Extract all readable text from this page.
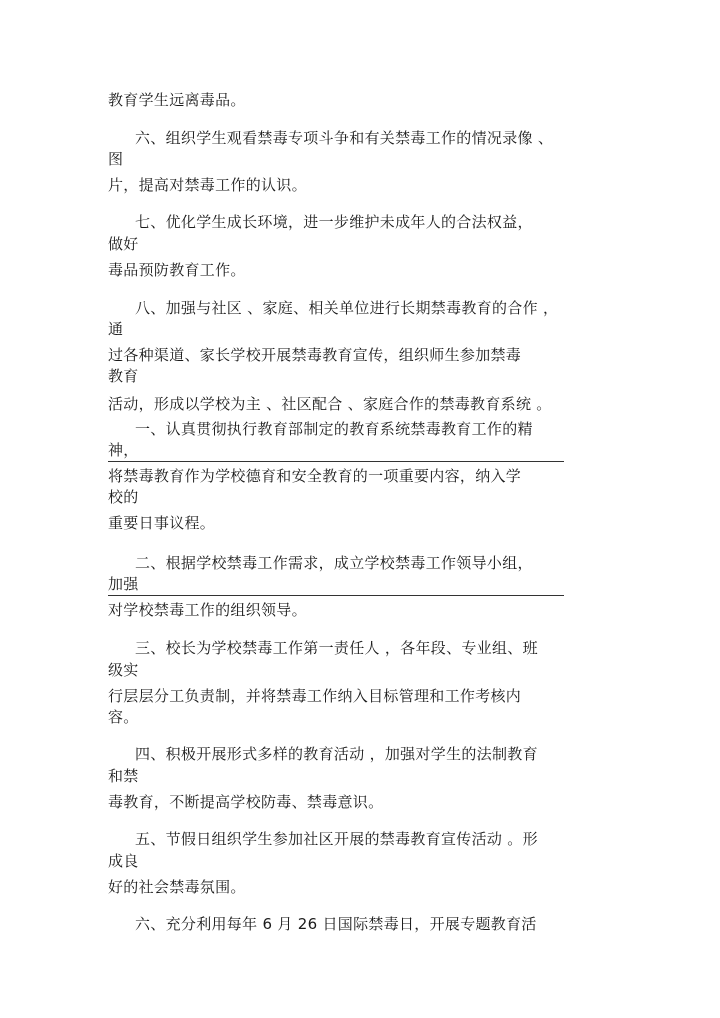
教育学生远离毒品。
六、组织学生观看禁毒专项斗争和有关禁毒工作的情况录像 、
图
片，提高对禁毒工作的认识。
七、优化学生成长环境，进一步维护未成年人的合法权益，
做好
毒品预防教育工作。
八、加强与社区 、家庭、相关单位进行长期禁毒教育的合作 ，
通
过各种渠道、家长学校开展禁毒教育宣传，组织师生参加禁毒
教育
活动，形成以学校为主 、社区配合 、家庭合作的禁毒教育系统 。
一、认真贯彻执行教育部制定的教育系统禁毒教育工作的精
神，
将禁毒教育作为学校德育和安全教育的一项重要内容，纳入学
校的
重要日事议程。
二、根据学校禁毒工作需求，成立学校禁毒工作领导小组，
加强
对学校禁毒工作的组织领导。
三、校长为学校禁毒工作第一责任人 ，各年段、专业组、班
级实
行层层分工负责制，并将禁毒工作纳入目标管理和工作考核内
容。
四、积极开展形式多样的教育活动 ，加强对学生的法制教育
和禁
毒教育，不断提高学校防毒、禁毒意识。
五、节假日组织学生参加社区开展的禁毒教育宣传活动 。形
成良
好的社会禁毒氛围。
六、充分利用每年 6 月 26 日国际禁毒日，开展专题教育活
